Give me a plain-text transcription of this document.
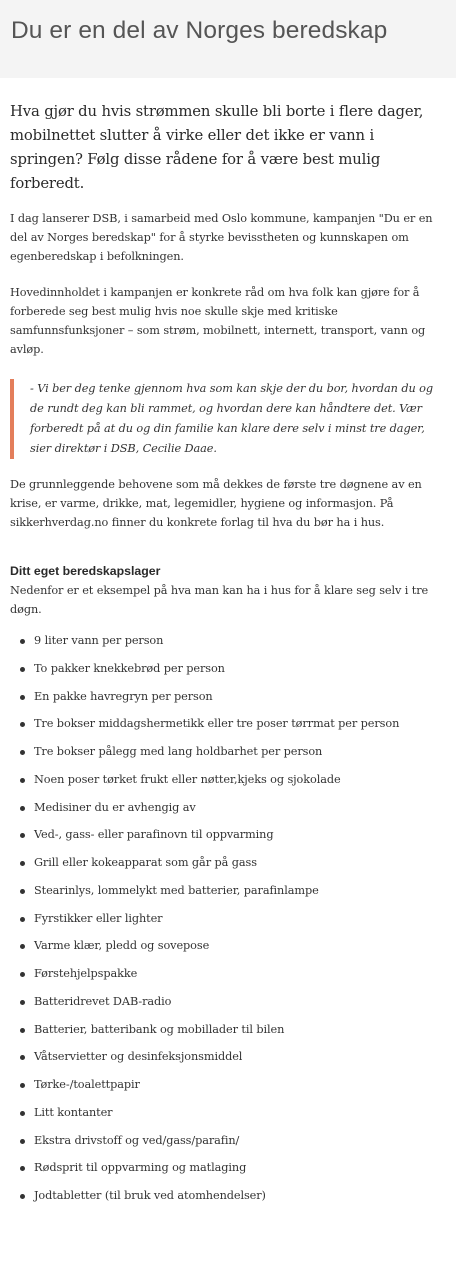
Du er en del av Norges beredskap

Hva gjør du hvis strømmen skulle bli borte i flere dager, mobilnettet slutter å virke eller det ikke er vann i springen? Følg disse rådene for å være best mulig forberedt.

I dag lanserer DSB, i samarbeid med Oslo kommune, kampanjen "Du er en del av Norges beredskap" for å styrke bevisstheten og kunnskapen om egenberedskap i befolkningen.

Hovedinnholdet i kampanjen er konkrete råd om hva folk kan gjøre for å forberede seg best mulig hvis noe skulle skje med kritiske samfunnsfunksjoner – som strøm, mobilnett, internett, transport, vann og avløp.

- Vi ber deg tenke gjennom hva som kan skje der du bor, hvordan du og de rundt deg kan bli rammet, og hvordan dere kan håndtere det. Vær forberedt på at du og din familie kan klare dere selv i minst tre dager, sier direktør i DSB, Cecilie Daae.

De grunnleggende behovene som må dekkes de første tre døgnene av en krise, er varme, drikke, mat, legemidler, hygiene og informasjon. På sikkerhverdag.no finner du konkrete forlag til hva du bør ha i hus.

Ditt eget beredskapslager

Nedenfor er et eksempel på hva man kan ha i hus for å klare seg selv i tre døgn.

9 liter vann per person
To pakker knekkebrød per person
En pakke havregryn per person
Tre bokser middagshermetikk eller tre poser tørrmat per person
Tre bokser pålegg med lang holdbarhet per person
Noen poser tørket frukt eller nøtter,kjeks og sjokolade
Medisiner du er avhengig av
Ved-, gass- eller parafinovn til oppvarming
Grill eller kokeapparat som går på gass
Stearinlys, lommelykt med batterier, parafinlampe
Fyrstikker eller lighter
Varme klær, pledd og sovepose
Førstehjelpspakke
Batteridrevet DAB-radio
Batterier, batteribank og mobillader til bilen
Våtservietter og desinfeksjonsmiddel
Tørke-/toalettpapir
Litt kontanter
Ekstra drivstoff og ved/gass/parafin/
Rødsprit til oppvarming og matlaging
Jodtabletter (til bruk ved atomhendelser)
